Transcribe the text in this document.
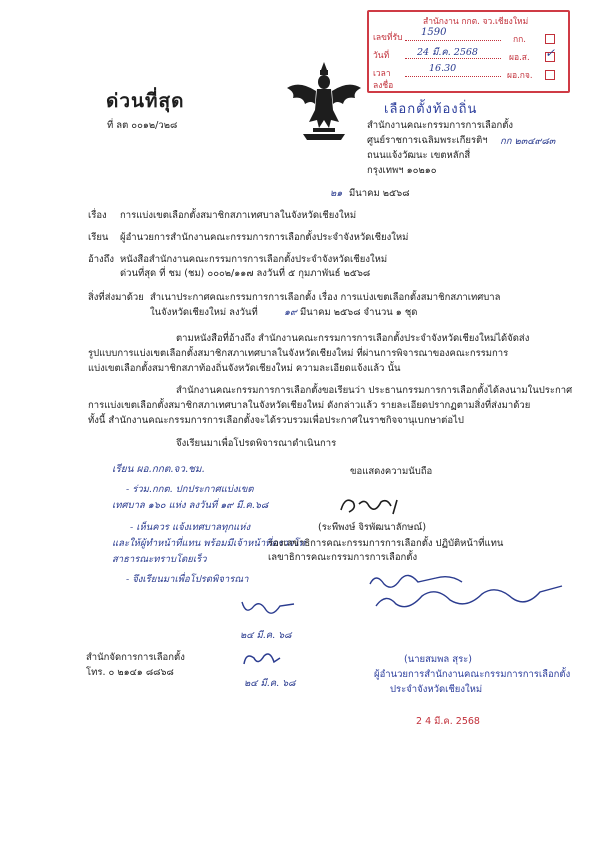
สำนักงาน กกต. จว.เชียงใหม่
เลขที่รับ 1590
วันที่	24 มี.ค. 2568
เวลา	16.30
ลงชื่อ
กก.
ผอ.ส. ✓
ผอ.กจ.
ด่วนที่สุด
ที่ ลต ๐๐๑๒/ว๒๘
เลือกตั้งท้องถิ่น
สำนักงานคณะกรรมการการเลือกตั้ง
ศูนย์ราชการเฉลิมพระเกียรติฯ กก ๒๓๔๙๘๓
ถนนแจ้งวัฒนะ เขตหลักสี่
กรุงเทพฯ ๑๐๒๑๐
๒๑ มีนาคม ๒๕๖๘
เรื่อง การแบ่งเขตเลือกตั้งสมาชิกสภาเทศบาลในจังหวัดเชียงใหม่
เรียน ผู้อำนวยการสำนักงานคณะกรรมการการเลือกตั้งประจำจังหวัดเชียงใหม่
อ้างถึง หนังสือสำนักงานคณะกรรมการการเลือกตั้งประจำจังหวัดเชียงใหม่
ด่วนที่สุด ที่ ชม (ชม) ๐๐๐๒/๑๑๗ ลงวันที่ ๕ กุมภาพันธ์ ๒๕๖๘
สิ่งที่ส่งมาด้วย สำเนาประกาศคณะกรรมการการเลือกตั้ง เรื่อง การแบ่งเขตเลือกตั้งสมาชิกสภาเทศบาล
ในจังหวัดเชียงใหม่ ลงวันที่	๑๙ มีนาคม ๒๕๖๘ จำนวน ๑ ชุด
ตามหนังสือที่อ้างถึง สำนักงานคณะกรรมการการเลือกตั้งประจำจังหวัดเชียงใหม่ได้จัดส่ง
รูปแบบการแบ่งเขตเลือกตั้งสมาชิกสภาเทศบาลในจังหวัดเชียงใหม่ ที่ผ่านการพิจารณาของคณะกรรมการ
แบ่งเขตเลือกตั้งสมาชิกสภาท้องถิ่นจังหวัดเชียงใหม่ ความละเอียดแจ้งแล้ว นั้น
สำนักงานคณะกรรมการการเลือกตั้งขอเรียนว่า ประธานกรรมการการเลือกตั้งได้ลงนามในประกาศ
การแบ่งเขตเลือกตั้งสมาชิกสภาเทศบาลในจังหวัดเชียงใหม่ ดังกล่าวแล้ว รายละเอียดปรากฏตามสิ่งที่ส่งมาด้วย
ทั้งนี้ สำนักงานคณะกรรมการการเลือกตั้งจะได้รวบรวมเพื่อประกาศในราชกิจจานุเบกษาต่อไป
จึงเรียนมาเพื่อโปรดพิจารณาดำเนินการ
ขอแสดงความนับถือ
เรียน ผอ.กกต.จว.ชม.
- ร่วม.กกต. ปกประกาศแบ่งเขต
เทศบาล ๑๖๐ แห่ง ลงวันที่ ๑๙ มี.ค.๖๘
- เห็นควร แจ้งเทศบาลทุกแห่ง
และให้ผู้ทำหน้าที่แทน พร้อมมีเจ้าหน้าที่ตรวจโท
สาธารณะทราบโดยเร็ว
- จึงเรียนมาเพื่อโปรดพิจารณา
(ระพีพงษ์ จิรพัฒนาลักษณ์)
รองเลขาธิการคณะกรรมการการเลือกตั้ง ปฏิบัติหน้าที่แทน
เลขาธิการคณะกรรมการการเลือกตั้ง
๒๔ มี.ค. ๖๘
สำนักจัดการการเลือกตั้ง
โทร. ๐ ๒๑๔๑ ๘๘๖๘
๒๔ มี.ค. ๖๘
(นายสมพล สุระ)
ผู้อำนวยการสำนักงานคณะกรรมการการเลือกตั้ง
ประจำจังหวัดเชียงใหม่
2 4 มี.ค. 2568
